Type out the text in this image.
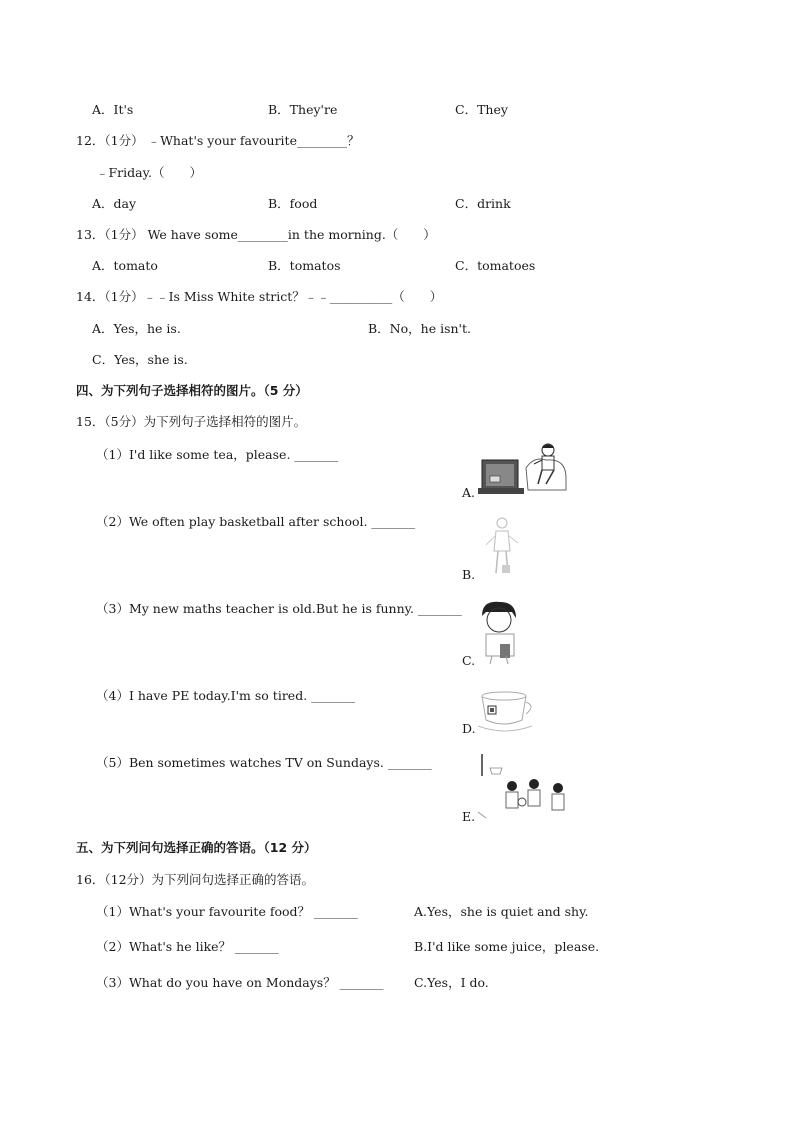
A．It's	B．They're	C．They
12．（1分） ﹣What's your favourite________？
﹣Friday.（　　）
A．day	B．food	C．drink
13．（1分） We have some________in the morning.（　　）
A．tomato	B．tomatos	C．tomatoes
14．（1分）﹣﹣Is Miss White strict？﹣﹣__________（　　）
A．Yes，he is.	B．No，he isn't.
C．Yes，she is.
四、为下列句子选择相符的图片。（5 分）
15．（5分）为下列句子选择相符的图片。
（1）I'd like some tea，please. _______
（2）We often play basketball after school. _______
（3）My new maths teacher is old.But he is funny. _______
（4）I have PE today.I'm so tired. _______
（5）Ben sometimes watches TV on Sundays. _______
A.
B.
C.
D.
E.
五、为下列问句选择正确的答语。（12 分）
16．（12分）为下列问句选择正确的答语。
（1）What's your favourite food？ _______
（2）What's he like？ _______
（3）What do you have on Mondays？ _______
A.Yes，she is quiet and shy.
B.I'd like some juice，please.
C.Yes，I do.
